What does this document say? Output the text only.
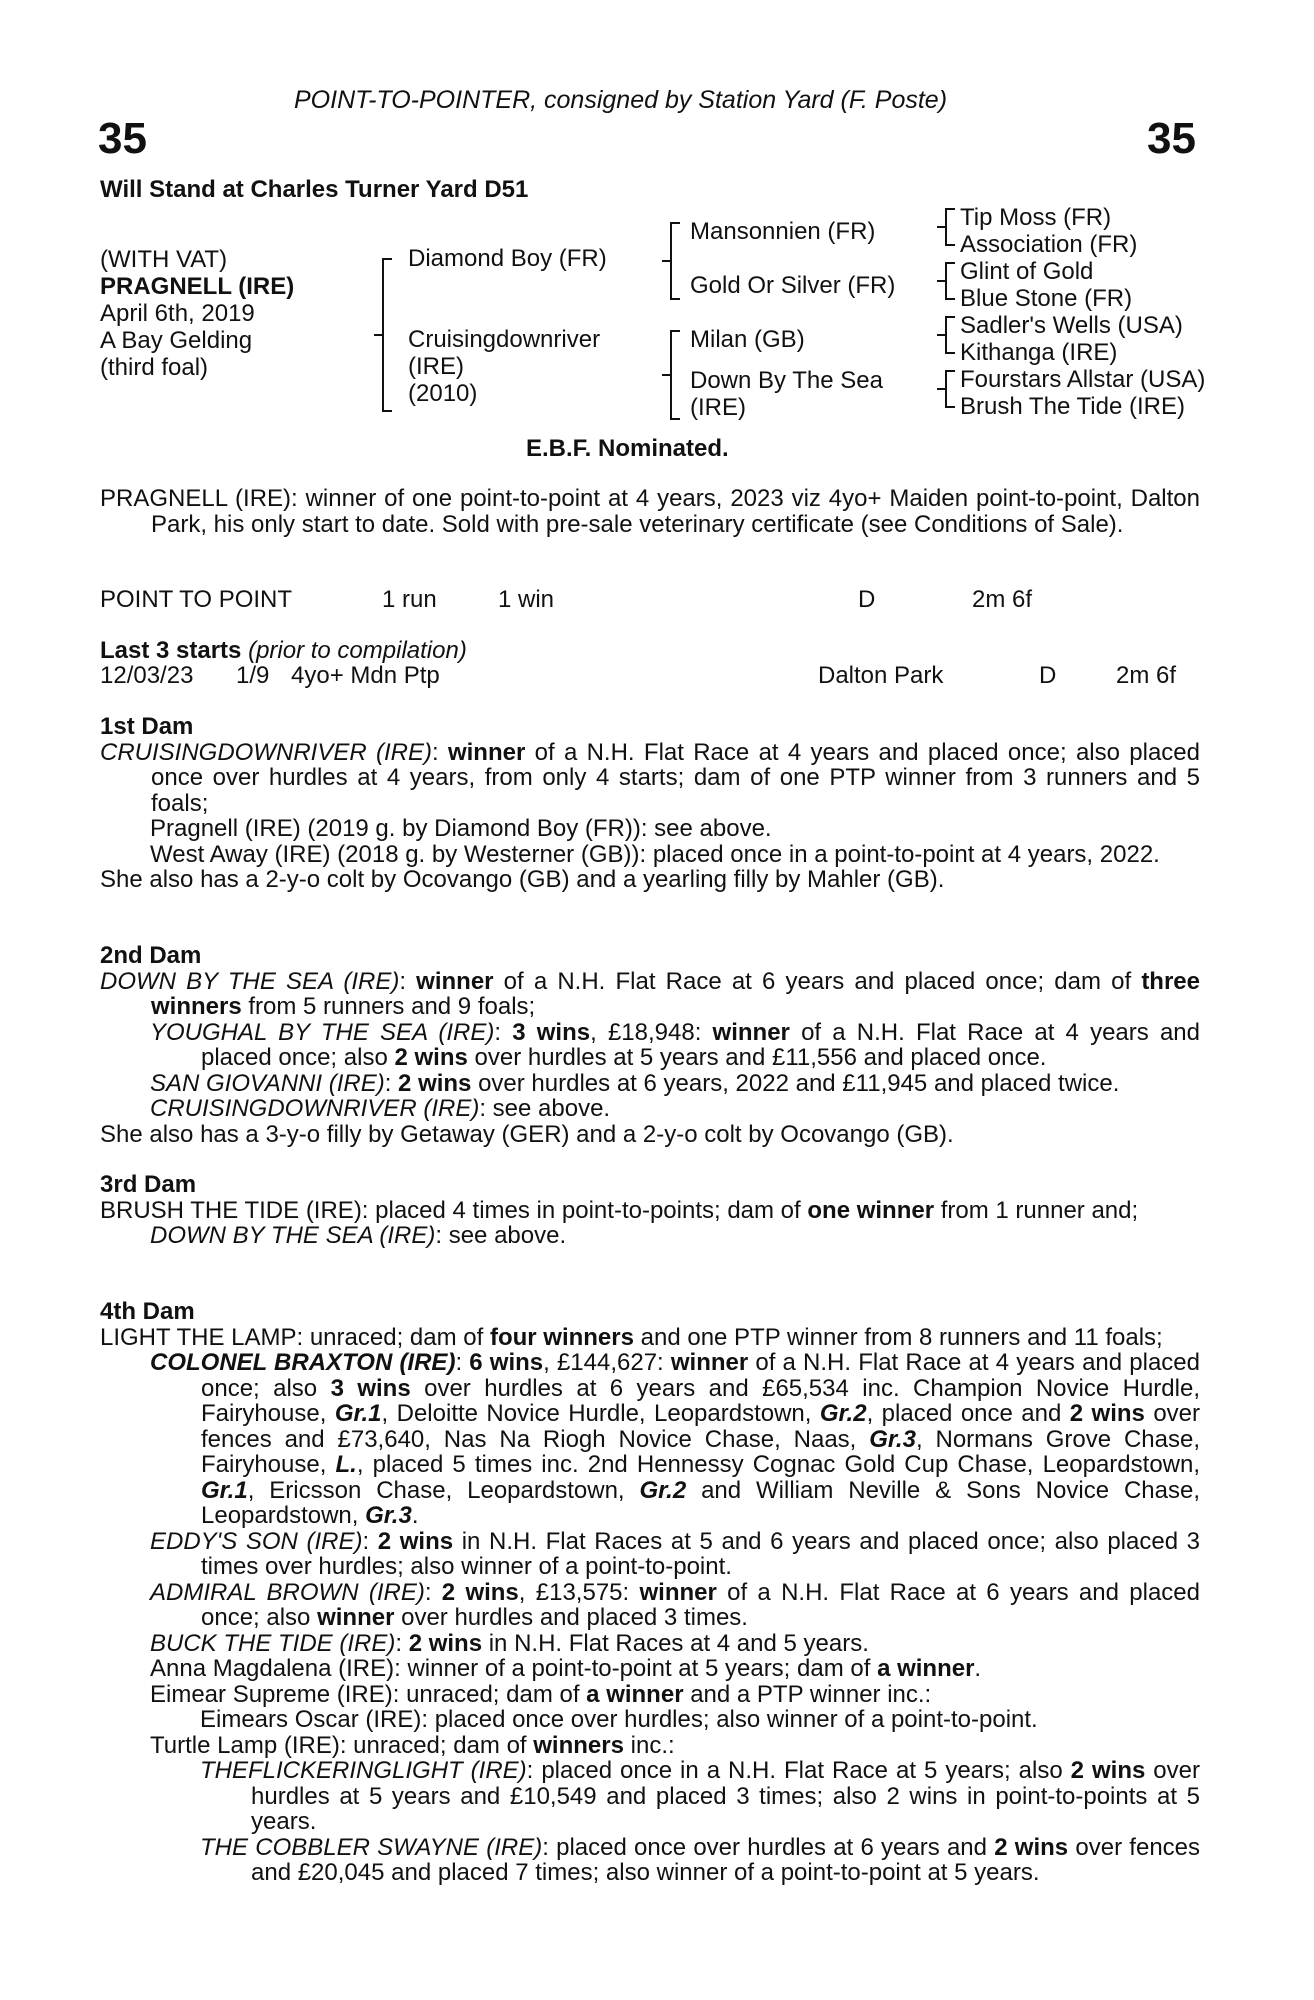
POINT-TO-POINTER, consigned by Station Yard (F. Poste)
35	35
Will Stand at Charles Turner Yard D51
(WITH VAT)
PRAGNELL (IRE)
April 6th, 2019
A Bay Gelding
(third foal)
Diamond Boy (FR)
Cruisingdownriver
(IRE)
(2010)
Mansonnien (FR)
Gold Or Silver (FR)
Milan (GB)
Down By The Sea
(IRE)
Tip Moss (FR)
Association (FR)
Glint of Gold
Blue Stone (FR)
Sadler's Wells (USA)
Kithanga (IRE)
Fourstars Allstar (USA)
Brush The Tide (IRE)
E.B.F. Nominated.

PRAGNELL (IRE): winner of one point-to-point at 4 years, 2023 viz 4yo+ Maiden point-to-point, Dalton Park, his only start to date. Sold with pre-sale veterinary certificate (see Conditions of Sale).

POINT TO POINT	1 run	1 win	D	2m 6f
Last 3 starts (prior to compilation)
12/03/23 1/9 4yo+ Mdn Ptp	Dalton Park	D 2m 6f

1st Dam

CRUISINGDOWNRIVER (IRE): winner of a N.H. Flat Race at 4 years and placed once; also placed once over hurdles at 4 years, from only 4 starts; dam of one PTP winner from 3 runners and 5 foals;

Pragnell (IRE) (2019 g. by Diamond Boy (FR)): see above.

West Away (IRE) (2018 g. by Westerner (GB)): placed once in a point-to-point at 4 years, 2022.

She also has a 2-y-o colt by Ocovango (GB) and a yearling filly by Mahler (GB).

2nd Dam

DOWN BY THE SEA (IRE): winner of a N.H. Flat Race at 6 years and placed once; dam of three winners from 5 runners and 9 foals;

YOUGHAL BY THE SEA (IRE): 3 wins, £18,948: winner of a N.H. Flat Race at 4 years and placed once; also 2 wins over hurdles at 5 years and £11,556 and placed once.

SAN GIOVANNI (IRE): 2 wins over hurdles at 6 years, 2022 and £11,945 and placed twice.

CRUISINGDOWNRIVER (IRE): see above.

She also has a 3-y-o filly by Getaway (GER) and a 2-y-o colt by Ocovango (GB).

3rd Dam

BRUSH THE TIDE (IRE): placed 4 times in point-to-points; dam of one winner from 1 runner and;

DOWN BY THE SEA (IRE): see above.

4th Dam

LIGHT THE LAMP: unraced; dam of four winners and one PTP winner from 8 runners and 11 foals;

COLONEL BRAXTON (IRE): 6 wins, £144,627: winner of a N.H. Flat Race at 4 years and placed once; also 3 wins over hurdles at 6 years and £65,534 inc. Champion Novice Hurdle, Fairyhouse, Gr.1, Deloitte Novice Hurdle, Leopardstown, Gr.2, placed once and 2 wins over fences and £73,640, Nas Na Riogh Novice Chase, Naas, Gr.3, Normans Grove Chase, Fairyhouse, L., placed 5 times inc. 2nd Hennessy Cognac Gold Cup Chase, Leopardstown, Gr.1, Ericsson Chase, Leopardstown, Gr.2 and William Neville & Sons Novice Chase, Leopardstown, Gr.3.

EDDY'S SON (IRE): 2 wins in N.H. Flat Races at 5 and 6 years and placed once; also placed 3 times over hurdles; also winner of a point-to-point.

ADMIRAL BROWN (IRE): 2 wins, £13,575: winner of a N.H. Flat Race at 6 years and placed once; also winner over hurdles and placed 3 times.

BUCK THE TIDE (IRE): 2 wins in N.H. Flat Races at 4 and 5 years.

Anna Magdalena (IRE): winner of a point-to-point at 5 years; dam of a winner.

Eimear Supreme (IRE): unraced; dam of a winner and a PTP winner inc.:

Eimears Oscar (IRE): placed once over hurdles; also winner of a point-to-point.

Turtle Lamp (IRE): unraced; dam of winners inc.:

THEFLICKERINGLIGHT (IRE): placed once in a N.H. Flat Race at 5 years; also 2 wins over hurdles at 5 years and £10,549 and placed 3 times; also 2 wins in point-to-points at 5 years.

THE COBBLER SWAYNE (IRE): placed once over hurdles at 6 years and 2 wins over fences and £20,045 and placed 7 times; also winner of a point-to-point at 5 years.
